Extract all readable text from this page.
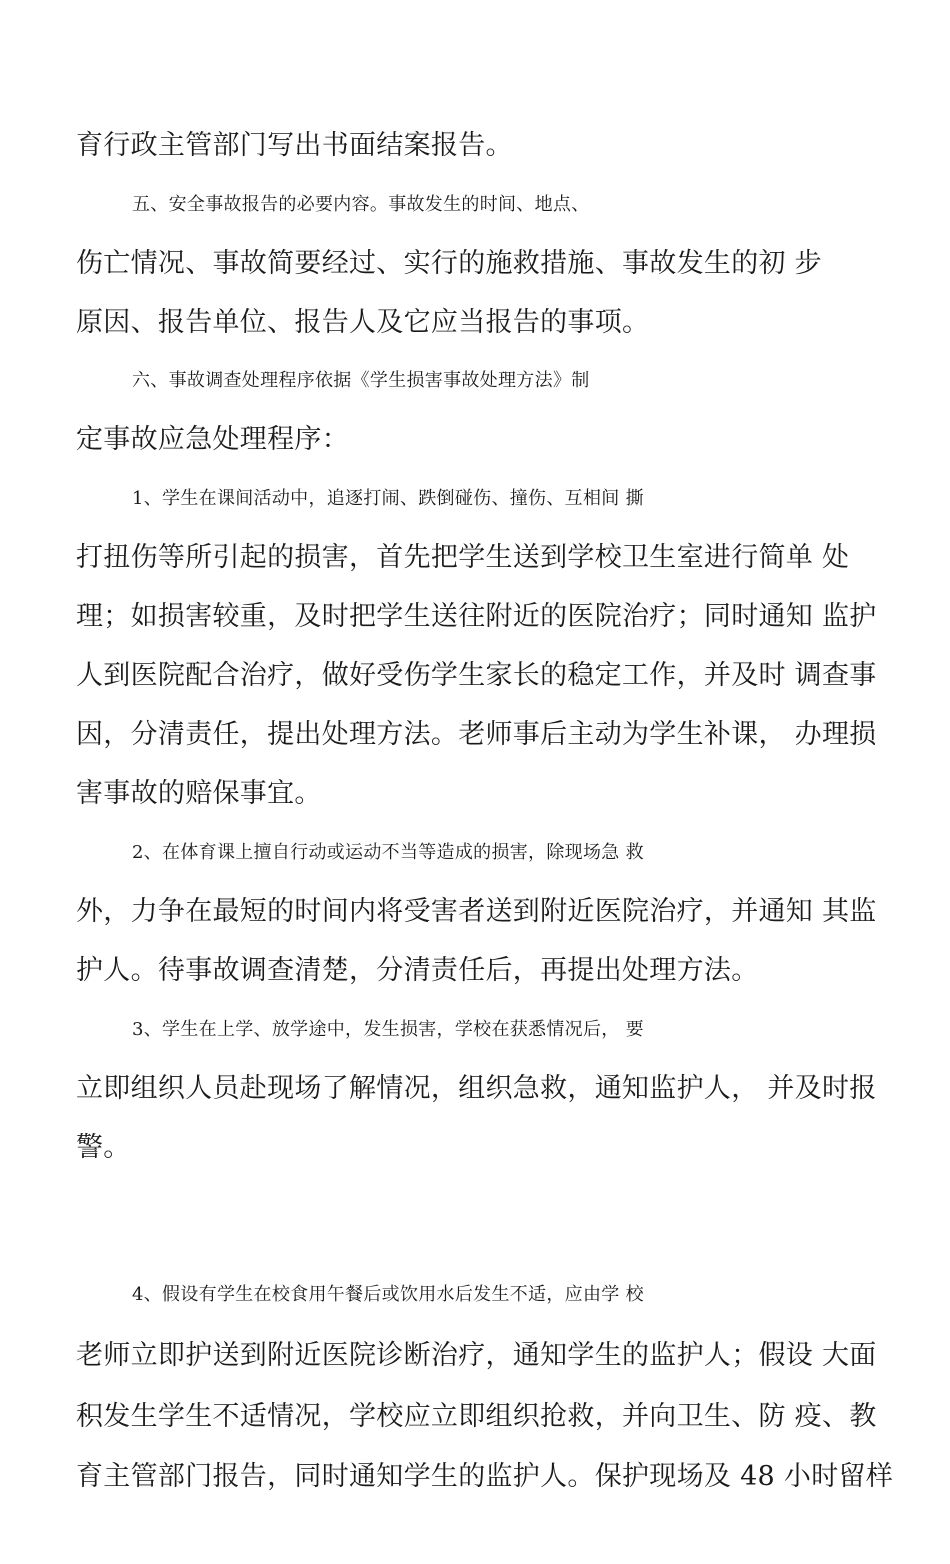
育行政主管部门写出书面结案报告。
五、安全事故报告的必要内容。事故发生的时间、地点、
伤亡情况、事故简要经过、实行的施救措施、事故发生的初 步
原因、报告单位、报告人及它应当报告的事项。
六、事故调查处理程序依据《学生损害事故处理方法》制
定事故应急处理程序：
1、学生在课间活动中，追逐打闹、跌倒碰伤、撞伤、互相间 撕
打扭伤等所引起的损害，首先把学生送到学校卫生室进行简单 处
理；如损害较重，及时把学生送往附近的医院治疗；同时通知 监护
人到医院配合治疗，做好受伤学生家长的稳定工作，并及时 调查事
因，分清责任，提出处理方法。老师事后主动为学生补课， 办理损
害事故的赔保事宜。
2、在体育课上擅自行动或运动不当等造成的损害，除现场急 救
外，力争在最短的时间内将受害者送到附近医院治疗，并通知 其监
护人。待事故调查清楚，分清责任后，再提出处理方法。
3、学生在上学、放学途中，发生损害，学校在获悉情况后， 要
立即组织人员赴现场了解情况，组织急救，通知监护人， 并及时报
警。
4、假设有学生在校食用午餐后或饮用水后发生不适，应由学 校
老师立即护送到附近医院诊断治疗，通知学生的监护人；假设 大面
积发生学生不适情况，学校应立即组织抢救，并向卫生、防 疫、教
育主管部门报告，同时通知学生的监护人。保护现场及 48 小时留样
